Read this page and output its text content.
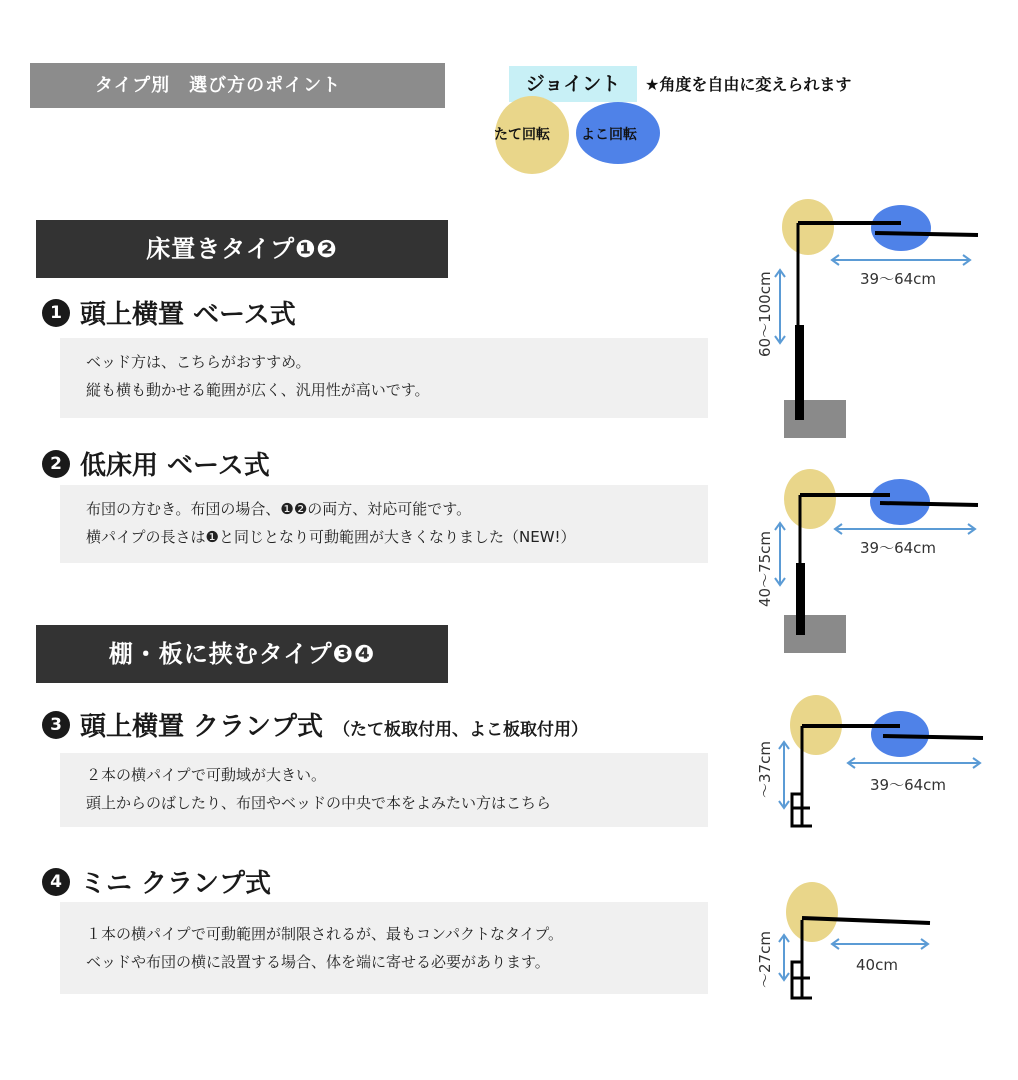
タイプ別　選び方のポイント	ジョイント	★角度を自由に変えられます
たて回転 よこ回転
床置きタイプ❶❷
1 頭上横置 ベース式
ベッド方は、こちらがおすすめ。
縦も横も動かせる範囲が広く、汎用性が高いです。
2 低床用 ベース式
布団の方むき。布団の場合、❶❷の両方、対応可能です。
横パイプの長さは❶と同じとなり可動範囲が大きくなりました（NEW!）
棚・板に挟むタイプ❸❹
3 頭上横置 クランプ式 （たて板取付用、よこ板取付用）
２本の横パイプで可動域が大きい。
頭上からのばしたり、布団やベッドの中央で本をよみたい方はこちら
4 ミニ クランプ式
１本の横パイプで可動範囲が制限されるが、最もコンパクトなタイプ。
ベッドや布団の横に設置する場合、体を端に寄せる必要があります。
39～64cm
60～100cm
39～64cm
40～75cm
39～64cm
～37cm
40cm
～27cm
